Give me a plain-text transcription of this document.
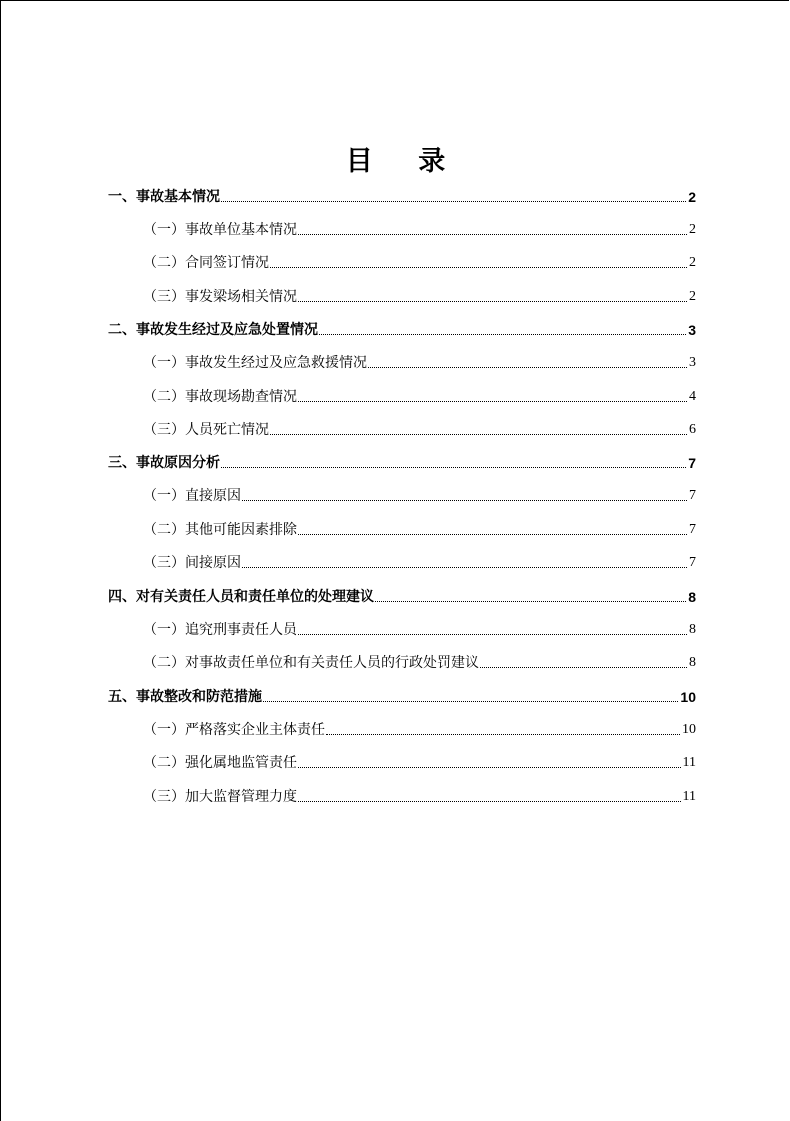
目 录
一、 事故基本情况	2
（一） 事故单位基本情况	2
（二） 合同签订情况	2
（三） 事发梁场相关情况	2
二、 事故发生经过及应急处置情况	3
（一） 事故发生经过及应急救援情况	3
（二） 事故现场勘查情况	4
（三） 人员死亡情况	6
三、 事故原因分析	7
（一） 直接原因	7
（二） 其他可能因素排除	7
（三） 间接原因	7
四、 对有关责任人员和责任单位的处理建议	8
（一） 追究刑事责任人员	8
（二） 对事故责任单位和有关责任人员的行政处罚建议	8
五、 事故整改和防范措施	10
（一） 严格落实企业主体责任	10
（二） 强化属地监管责任	11
（三） 加大监督管理力度	11
